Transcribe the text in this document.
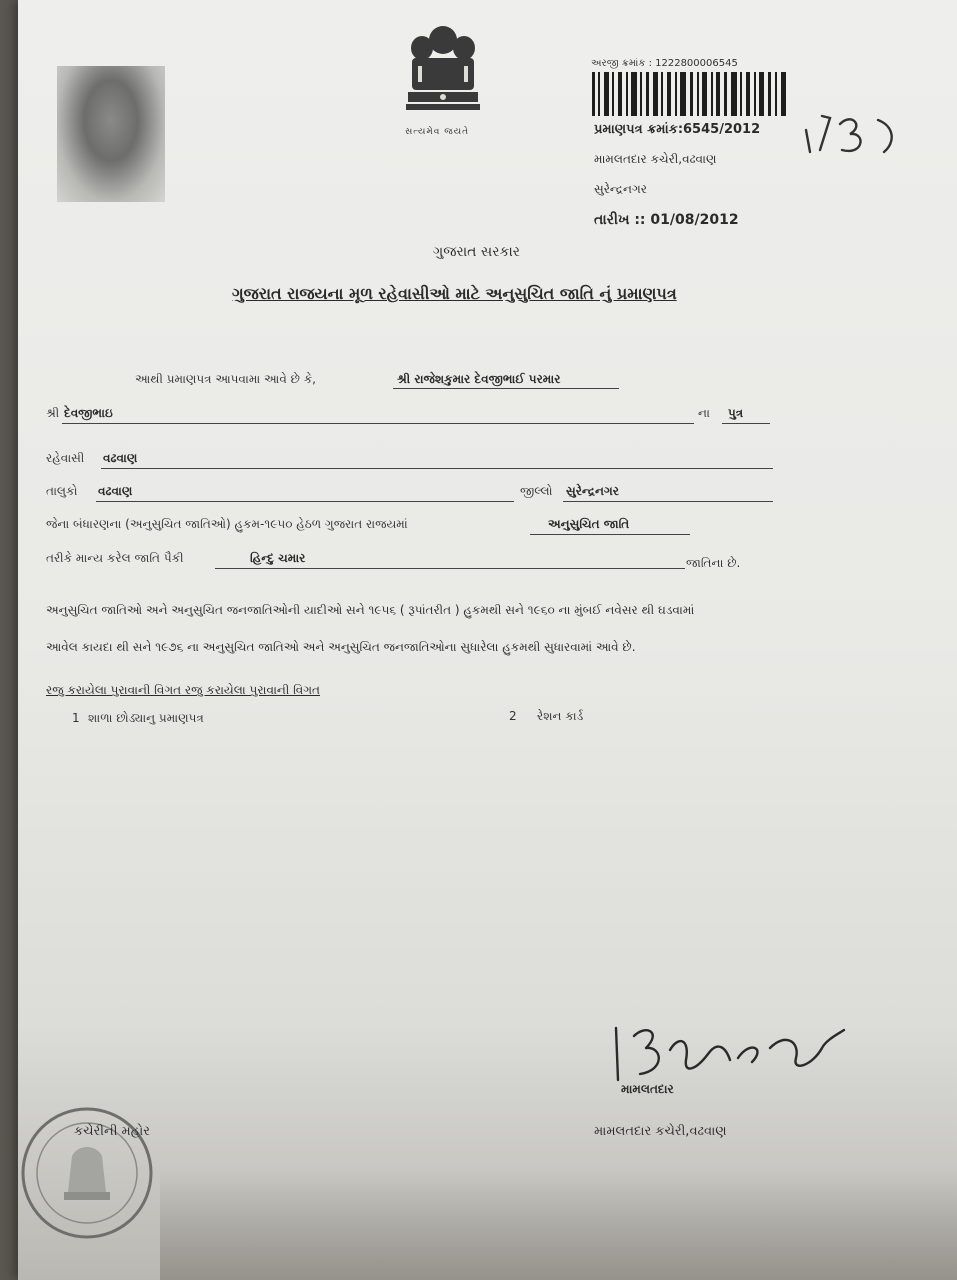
સત્યમેવ જયતે
અરજી ક્રમાંક : 1222800006545
પ્રમાણપત્ર ક્રમાંક:6545/2012
મામલતદાર કચેરી,વઢવાણ
સુરેન્દ્રનગર
તારીખ :: 01/08/2012
ગુજરાત સરકાર
ગુજરાત રાજયના મૂળ રહેવાસીઓ માટે અનુસુચિત જાતિ નું પ્રમાણપત્ર
આથી પ્રમાણપત્ર આપવામા આવે છે કે,	શ્રી રાજેશકુમાર દેવજીભાઈ પરમાર
શ્રી દેવજીભાઇ	ના પુત્ર
રહેવાસી વઢવાણ
તાલુકો વઢવાણ	જીલ્લો સુરેન્દ્રનગર
જેના બંધારણના (અનુસુચિત જાતિઓ) હુકમ-૧૯૫૦ હેઠળ ગુજરાત રાજયમાં	અનુસુચિત જાતિ
તરીકે માન્ય કરેલ જાતિ પૈકી	હિન્દુ ચમાર	જાતિના છે.
અનુસુચિત જાતિઓ અને અનુસુચિત જનજાતિઓની યાદીઓ સને ૧૯૫૬ ( રૂપાંતરીત ) હુકમથી સને ૧૯૬૦ ના મુંબઈ નવેસર થી ઘડવામાં
આવેલ કાયદા થી સને ૧૯૭૬ ના અનુસુચિત જાતિઓ અને અનુસુચિત જનજાતિઓના સુધારેલા હુકમથી સુધારવામાં આવે છે.
રજુ કરાયેલા પુરાવાની વિગત રજુ કરાયેલા પુરાવાની વિગત
1 શાળા છોડ્યાનુ પ્રમાણપત્ર	2 રેશન કાર્ડ
મામલતદાર
મામલતદાર કચેરી,વઢવાણ
કચેરીની મહોર
